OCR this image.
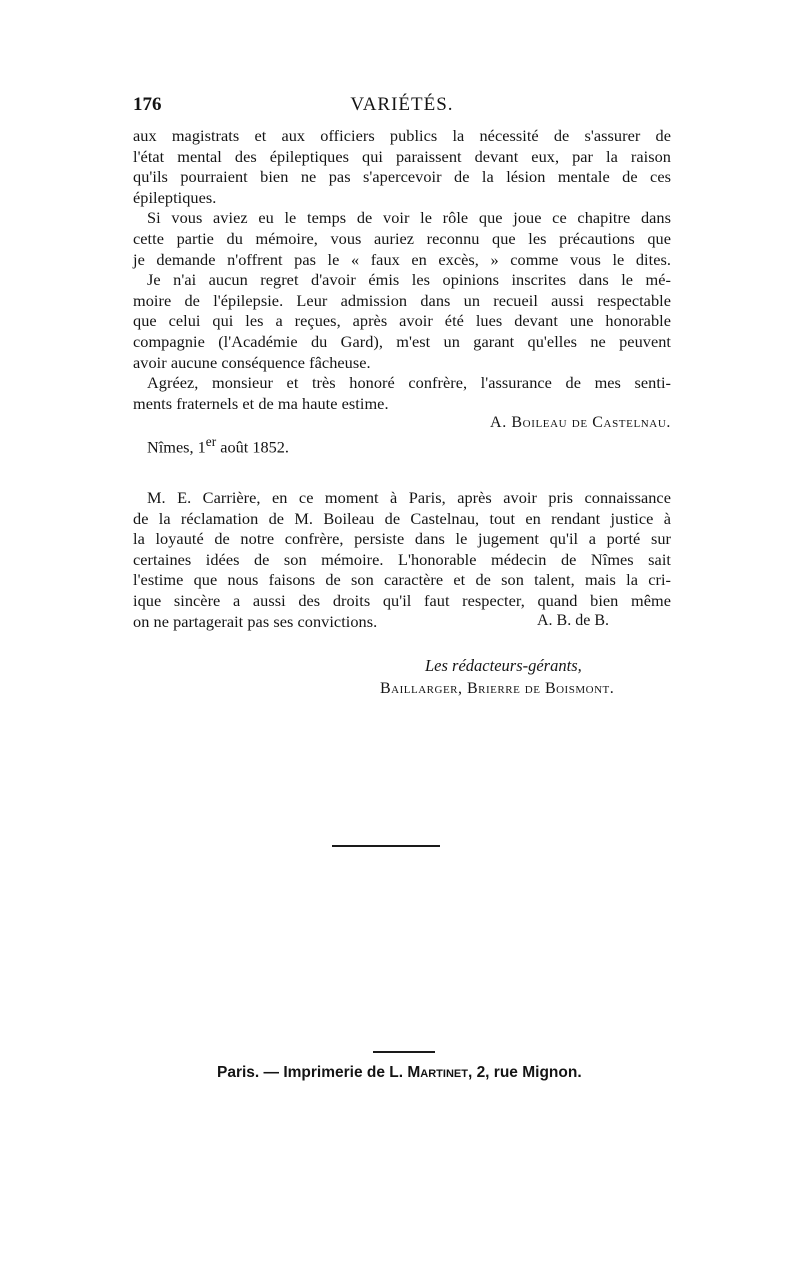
176	VARIÉTÉS.
aux magistrats et aux officiers publics la nécessité de s'assurer de
l'état mental des épileptiques qui paraissent devant eux, par la raison
qu'ils pourraient bien ne pas s'apercevoir de la lésion mentale de ces
épileptiques.
Si vous aviez eu le temps de voir le rôle que joue ce chapitre dans
cette partie du mémoire, vous auriez reconnu que les précautions que
je demande n'offrent pas le « faux en excès, » comme vous le dites.
Je n'ai aucun regret d'avoir émis les opinions inscrites dans le mé-
moire de l'épilepsie. Leur admission dans un recueil aussi respectable
que celui qui les a reçues, après avoir été lues devant une honorable
compagnie (l'Académie du Gard), m'est un garant qu'elles ne peuvent
avoir aucune conséquence fâcheuse.
Agréez, monsieur et très honoré confrère, l'assurance de mes senti-
ments fraternels et de ma haute estime.
A. Boileau de Castelnau.
Nîmes, 1er août 1852.
M. E. Carrière, en ce moment à Paris, après avoir pris connaissance
de la réclamation de M. Boileau de Castelnau, tout en rendant justice à
la loyauté de notre confrère, persiste dans le jugement qu'il a porté sur
certaines idées de son mémoire. L'honorable médecin de Nîmes sait
l'estime que nous faisons de son caractère et de son talent, mais la cri-
ique sincère a aussi des droits qu'il faut respecter, quand bien même
on ne partagerait pas ses convictions.	A. B. de B.
Les rédacteurs-gérants,
Baillarger, Brierre de Boismont.
Paris. — Imprimerie de L. Martinet, 2, rue Mignon.
